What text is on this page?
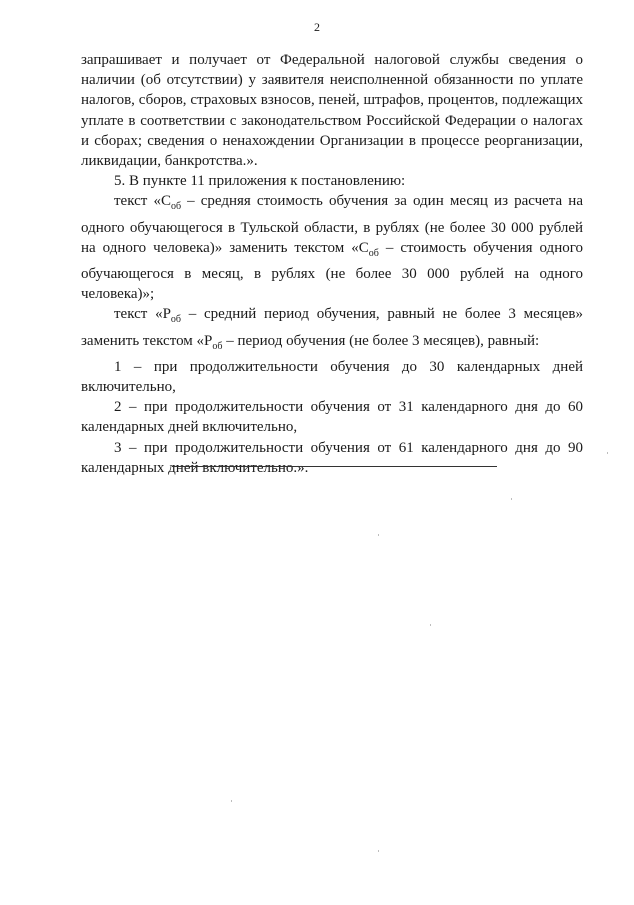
2

запрашивает и получает от Федеральной налоговой службы сведения о наличии (об отсутствии) у заявителя неисполненной обязанности по уплате налогов, сборов, страховых взносов, пеней, штрафов, процентов, подлежащих уплате в соответствии с законодательством Российской Федерации о налогах и сборах; сведения о ненахождении Организации в процессе реорганизации, ликвидации, банкротства.».

5. В пункте 11 приложения к постановлению:

текст «$C_{об}$ – средняя стоимость обучения за один месяц из расчета на одного обучающегося в Тульской области, в рублях (не более 30 000 рублей на одного человека)» заменить текстом «$C_{об}$ – стоимость обучения одного обучающегося в месяц, в рублях (не более 30 000 рублей на одного человека)»;

текст «$P_{об}$ – средний период обучения, равный не более 3 месяцев» заменить текстом «$P_{об}$ – период обучения (не более 3 месяцев), равный:

1 – при продолжительности обучения до 30 календарных дней включительно,

2 – при продолжительности обучения от 31 календарного дня до 60 календарных дней включительно,

3 – при продолжительности обучения от 61 календарного дня до 90 календарных дней включительно.».
